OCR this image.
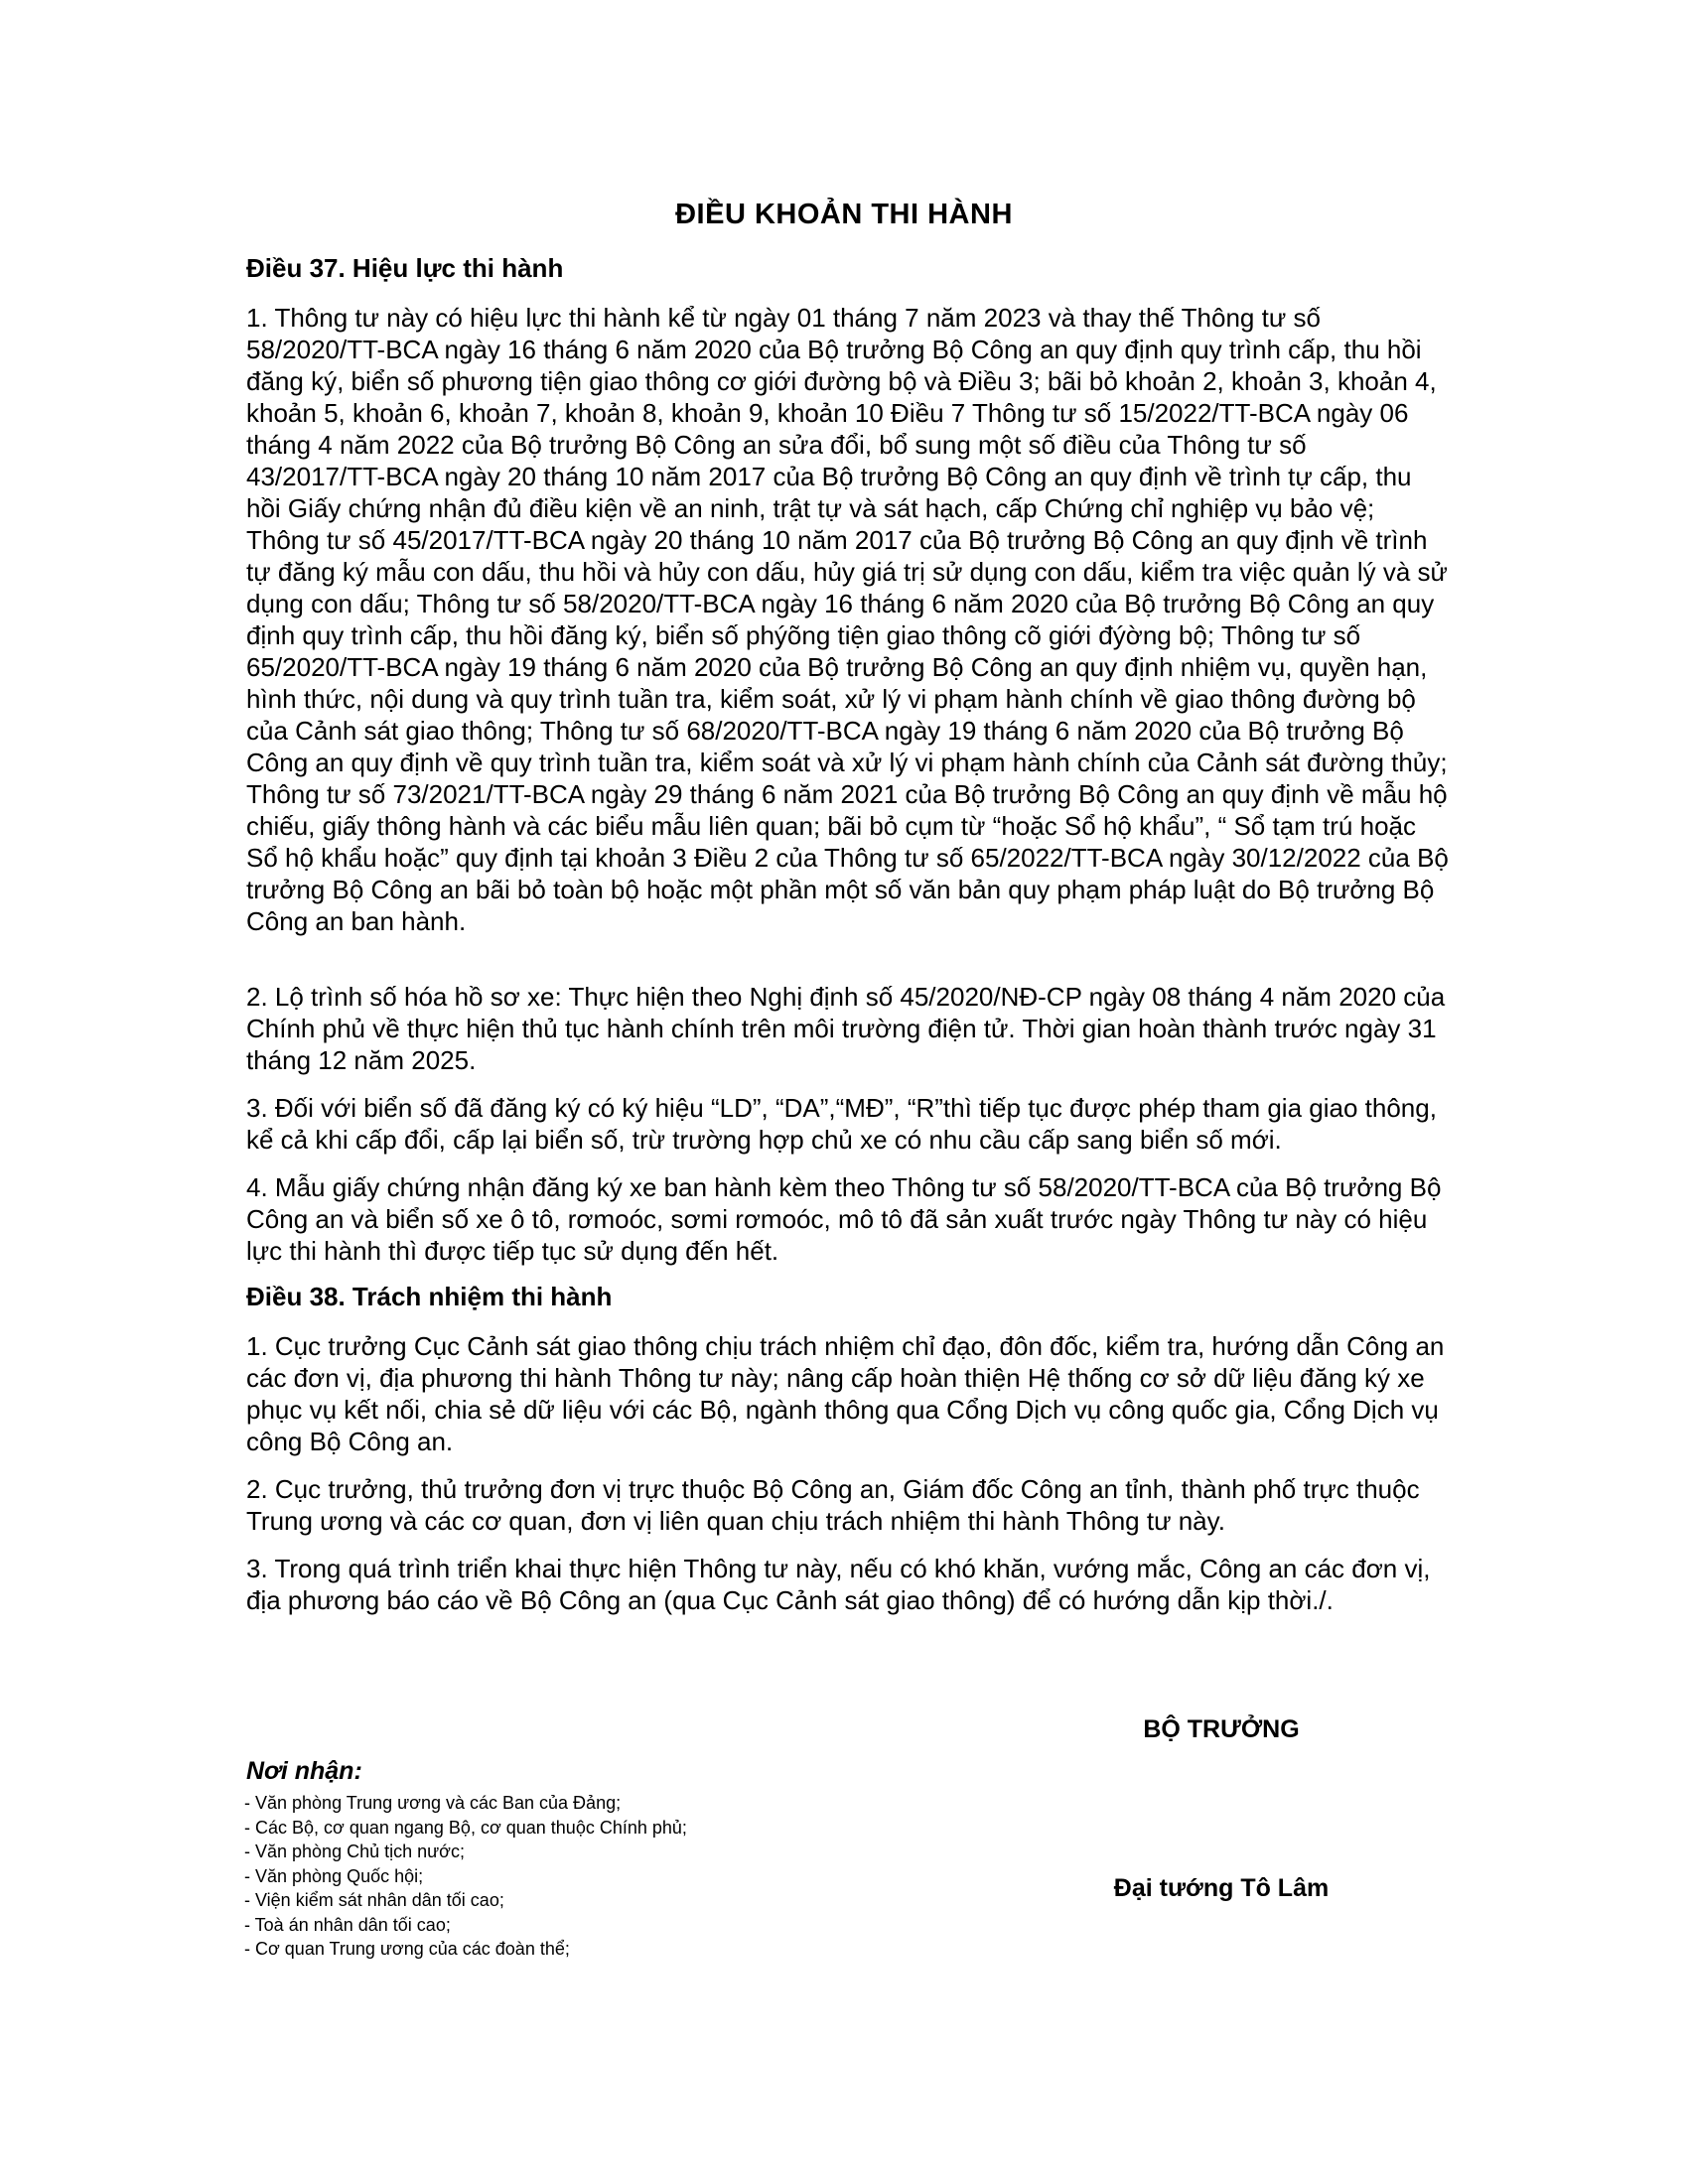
ĐIỀU KHOẢN THI HÀNH
Điều 37. Hiệu lực thi hành

1. Thông tư này có hiệu lực thi hành kể từ ngày 01 tháng 7 năm 2023 và thay thế Thông tư số 58/2020/TT-BCA ngày 16 tháng 6 năm 2020 của Bộ trưởng Bộ Công an quy định quy trình cấp, thu hồi đăng ký, biển số phương tiện giao thông cơ giới đường bộ và Điều 3; bãi bỏ khoản 2, khoản 3, khoản 4, khoản 5, khoản 6, khoản 7, khoản 8, khoản 9, khoản 10 Điều 7 Thông tư số 15/2022/TT-BCA ngày 06 tháng 4 năm 2022 của Bộ trưởng Bộ Công an sửa đổi, bổ sung một số điều của Thông tư số 43/2017/TT-BCA ngày 20 tháng 10 năm 2017 của Bộ trưởng Bộ Công an quy định về trình tự cấp, thu hồi Giấy chứng nhận đủ điều kiện về an ninh, trật tự và sát hạch, cấp Chứng chỉ nghiệp vụ bảo vệ; Thông tư số 45/2017/TT-BCA ngày 20 tháng 10 năm 2017 của Bộ trưởng Bộ Công an quy định về trình tự đăng ký mẫu con dấu, thu hồi và hủy con dấu, hủy giá trị sử dụng con dấu, kiểm tra việc quản lý và sử dụng con dấu; Thông tư số 58/2020/TT-BCA ngày 16 tháng 6 năm 2020 của Bộ trưởng Bộ Công an quy định quy trình cấp, thu hồi đăng ký, biển số phýõng tiện giao thông cõ giới đýờng bộ; Thông tư số 65/2020/TT-BCA ngày 19 tháng 6 năm 2020 của Bộ trưởng Bộ Công an quy định nhiệm vụ, quyền hạn, hình thức, nội dung và quy trình tuần tra, kiểm soát, xử lý vi phạm hành chính về giao thông đường bộ của Cảnh sát giao thông; Thông tư số 68/2020/TT-BCA ngày 19 tháng 6 năm 2020 của Bộ trưởng Bộ Công an quy định về quy trình tuần tra, kiểm soát và xử lý vi phạm hành chính của Cảnh sát đường thủy; Thông tư số 73/2021/TT-BCA ngày 29 tháng 6 năm 2021 của Bộ trưởng Bộ Công an quy định về mẫu hộ chiếu, giấy thông hành và các biểu mẫu liên quan; bãi bỏ cụm từ “hoặc Sổ hộ khẩu”, “ Sổ tạm trú hoặc Sổ hộ khẩu hoặc” quy định tại khoản 3 Điều 2 của Thông tư số 65/2022/TT-BCA ngày 30/12/2022 của Bộ trưởng Bộ Công an bãi bỏ toàn bộ hoặc một phần một số văn bản quy phạm pháp luật do Bộ trưởng Bộ Công an ban hành.

2. Lộ trình số hóa hồ sơ xe: Thực hiện theo Nghị định số 45/2020/NĐ-CP ngày 08 tháng 4 năm 2020 của Chính phủ về thực hiện thủ tục hành chính trên môi trường điện tử. Thời gian hoàn thành trước ngày 31 tháng 12 năm 2025.

3. Đối với biển số đã đăng ký có ký hiệu “LD”, “DA”,“MĐ”, “R”thì tiếp tục được phép tham gia giao thông, kể cả khi cấp đổi, cấp lại biển số, trừ trường hợp chủ xe có nhu cầu cấp sang biển số mới.

4. Mẫu giấy chứng nhận đăng ký xe ban hành kèm theo Thông tư số 58/2020/TT-BCA của Bộ trưởng Bộ Công an và biển số xe ô tô, rơmoóc, sơmi rơmoóc, mô tô đã sản xuất trước ngày Thông tư này có hiệu lực thi hành thì được tiếp tục sử dụng đến hết.

Điều 38. Trách nhiệm thi hành

1. Cục trưởng Cục Cảnh sát giao thông chịu trách nhiệm chỉ đạo, đôn đốc, kiểm tra, hướng dẫn Công an các đơn vị, địa phương thi hành Thông tư này; nâng cấp hoàn thiện Hệ thống cơ sở dữ liệu đăng ký xe phục vụ kết nối, chia sẻ dữ liệu với các Bộ, ngành thông qua Cổng Dịch vụ công quốc gia, Cổng Dịch vụ công Bộ Công an.

2. Cục trưởng, thủ trưởng đơn vị trực thuộc Bộ Công an, Giám đốc Công an tỉnh, thành phố trực thuộc Trung ương và các cơ quan, đơn vị liên quan chịu trách nhiệm thi hành Thông tư này.

3. Trong quá trình triển khai thực hiện Thông tư này, nếu có khó khăn, vướng mắc, Công an các đơn vị, địa phương báo cáo về Bộ Công an (qua Cục Cảnh sát giao thông) để có hướng dẫn kịp thời./.

BỘ TRƯỞNG
Đại tướng Tô Lâm
Nơi nhận:
- Văn phòng Trung ương và các Ban của Đảng;
- Các Bộ, cơ quan ngang Bộ, cơ quan thuộc Chính phủ;
- Văn phòng Chủ tịch nước;
- Văn phòng Quốc hội;
- Viện kiểm sát nhân dân tối cao;
- Toà án nhân dân tối cao;
- Cơ quan Trung ương của các đoàn thể;
